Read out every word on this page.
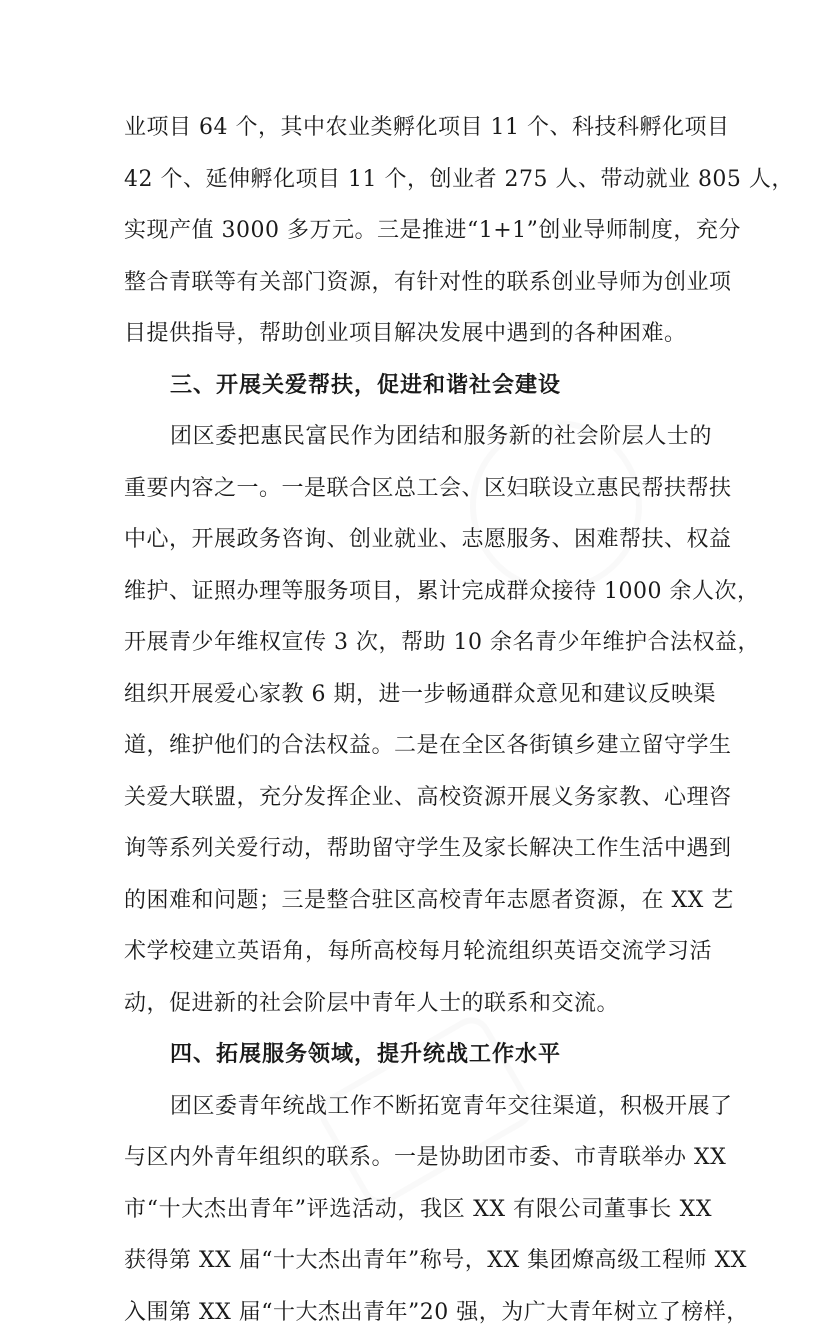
业项目 64 个，其中农业类孵化项目 11 个、科技科孵化项目
42 个、延伸孵化项目 11 个，创业者 275 人、带动就业 805 人，
实现产值 3000 多万元。三是推进“1+1”创业导师制度，充分
整合青联等有关部门资源，有针对性的联系创业导师为创业项
目提供指导，帮助创业项目解决发展中遇到的各种困难。
三、开展关爱帮扶，促进和谐社会建设
团区委把惠民富民作为团结和服务新的社会阶层人士的
重要内容之一。一是联合区总工会、区妇联设立惠民帮扶帮扶
中心，开展政务咨询、创业就业、志愿服务、困难帮扶、权益
维护、证照办理等服务项目，累计完成群众接待 1000 余人次，
开展青少年维权宣传 3 次，帮助 10 余名青少年维护合法权益，
组织开展爱心家教 6 期，进一步畅通群众意见和建议反映渠
道，维护他们的合法权益。二是在全区各街镇乡建立留守学生
关爱大联盟，充分发挥企业、高校资源开展义务家教、心理咨
询等系列关爱行动，帮助留守学生及家长解决工作生活中遇到
的困难和问题；三是整合驻区高校青年志愿者资源，在 XX 艺
术学校建立英语角，每所高校每月轮流组织英语交流学习活
动，促进新的社会阶层中青年人士的联系和交流。
四、拓展服务领域，提升统战工作水平
团区委青年统战工作不断拓宽青年交往渠道，积极开展了
与区内外青年组织的联系。一是协助团市委、市青联举办 XX
市“十大杰出青年”评选活动，我区 XX 有限公司董事长 XX
获得第 XX 届“十大杰出青年”称号，XX 集团燎高级工程师 XX
入围第 XX 届“十大杰出青年”20 强，为广大青年树立了榜样，
